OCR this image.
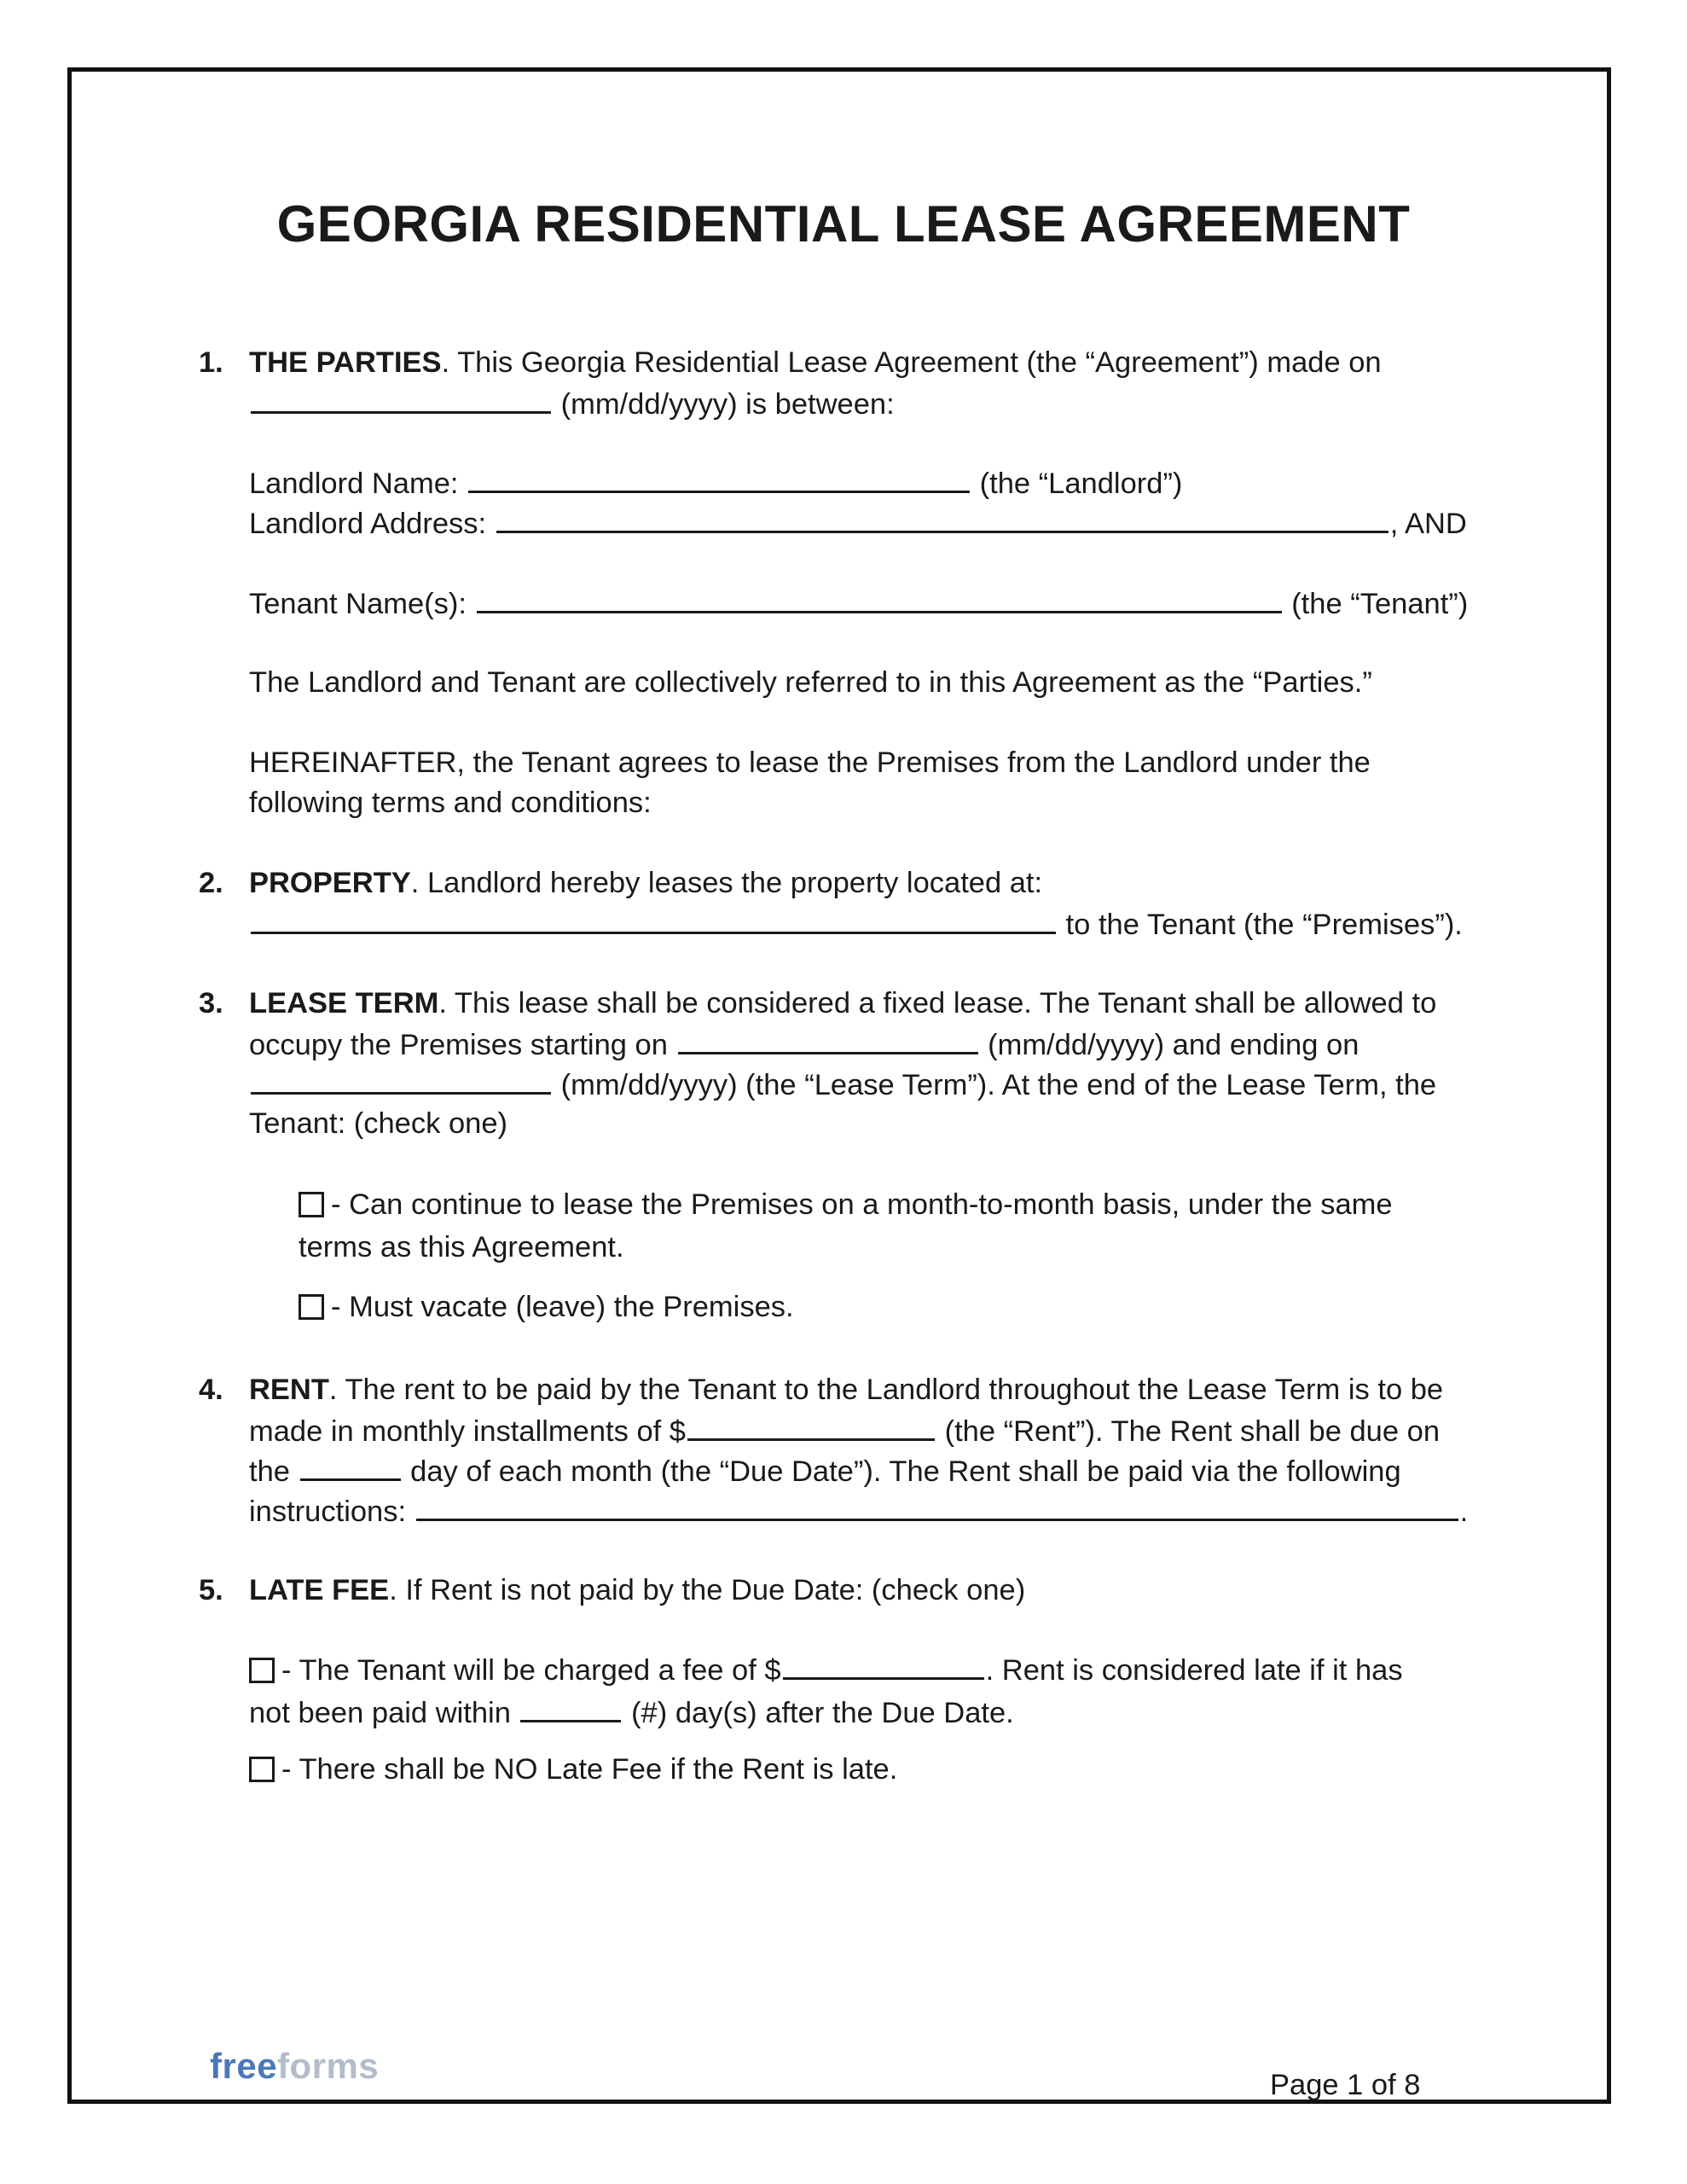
GEORGIA RESIDENTIAL LEASE AGREEMENT
1. THE PARTIES. This Georgia Residential Lease Agreement (the “Agreement”) made on
(mm/dd/yyyy) is between:
Landlord Name:	(the “Landlord”)
Landlord Address:	, AND
Tenant Name(s):	(the “Tenant”)
The Landlord and Tenant are collectively referred to in this Agreement as the “Parties.”
HEREINAFTER, the Tenant agrees to lease the Premises from the Landlord under the
following terms and conditions:
2. PROPERTY. Landlord hereby leases the property located at:
to the Tenant (the “Premises”).
3. LEASE TERM. This lease shall be considered a fixed lease. The Tenant shall be allowed to
occupy the Premises starting on	(mm/dd/yyyy) and ending on
(mm/dd/yyyy) (the “Lease Term”). At the end of the Lease Term, the
Tenant: (check one)
- Can continue to lease the Premises on a month-to-month basis, under the same
terms as this Agreement.
- Must vacate (leave) the Premises.
4. RENT. The rent to be paid by the Tenant to the Landlord throughout the Lease Term is to be
made in monthly installments of $	(the “Rent”). The Rent shall be due on
the	day of each month (the “Due Date”). The Rent shall be paid via the following
instructions:	.
5. LATE FEE. If Rent is not paid by the Due Date: (check one)
- The Tenant will be charged a fee of $	. Rent is considered late if it has
not been paid within	(#) day(s) after the Due Date.
- There shall be NO Late Fee if the Rent is late.
freeforms	Page 1 of 8
